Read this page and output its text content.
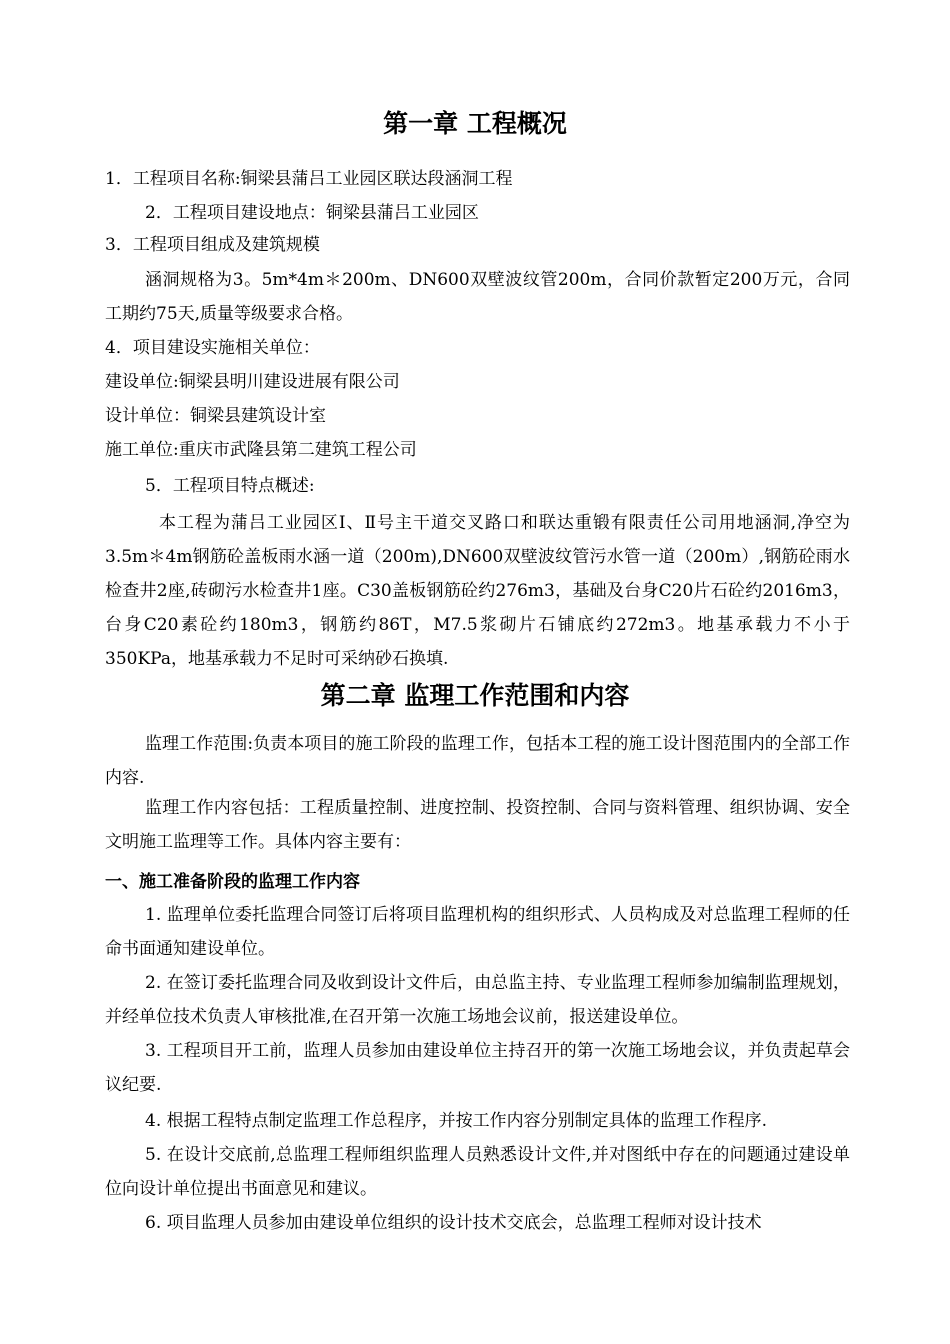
第一章 工程概况

1．工程项目名称:铜梁县蒲吕工业园区联达段涵洞工程

2．工程项目建设地点：铜梁县蒲吕工业园区

3．工程项目组成及建筑规模

涵洞规格为3。5m*4m＊200m、DN600双壁波纹管200m，合同价款暂定200万元，合同工期约75天,质量等级要求合格。

4．项目建设实施相关单位：

建设单位:铜梁县明川建设进展有限公司

设计单位：铜梁县建筑设计室

施工单位:重庆市武隆县第二建筑工程公司

5．工程项目特点概述:

本工程为蒲吕工业园区Ⅰ、Ⅱ号主干道交叉路口和联达重锻有限责任公司用地涵洞,净空为3.5m＊4m钢筋砼盖板雨水涵一道（200m),DN600双壁波纹管污水管一道（200m）,钢筋砼雨水检查井2座,砖砌污水检查井1座。C30盖板钢筋砼约276m3，基础及台身C20片石砼约2016m3，台身C20素砼约180m3，钢筋约86T，M7.5浆砌片石铺底约272m3。地基承载力不小于350KPa，地基承载力不足时可采纳砂石换填.

第二章 监理工作范围和内容

监理工作范围:负责本项目的施工阶段的监理工作，包括本工程的施工设计图范围内的全部工作内容.

监理工作内容包括：工程质量控制、进度控制、投资控制、合同与资料管理、组织协调、安全文明施工监理等工作。具体内容主要有：

一、施工准备阶段的监理工作内容

1. 监理单位委托监理合同签订后将项目监理机构的组织形式、人员构成及对总监理工程师的任命书面通知建设单位。

2. 在签订委托监理合同及收到设计文件后，由总监主持、专业监理工程师参加编制监理规划，并经单位技术负责人审核批准,在召开第一次施工场地会议前，报送建设单位。

3. 工程项目开工前，监理人员参加由建设单位主持召开的第一次施工场地会议，并负责起草会议纪要.

4. 根据工程特点制定监理工作总程序，并按工作内容分别制定具体的监理工作程序.

5. 在设计交底前,总监理工程师组织监理人员熟悉设计文件,并对图纸中存在的问题通过建设单位向设计单位提出书面意见和建议。

6. 项目监理人员参加由建设单位组织的设计技术交底会，总监理工程师对设计技术
